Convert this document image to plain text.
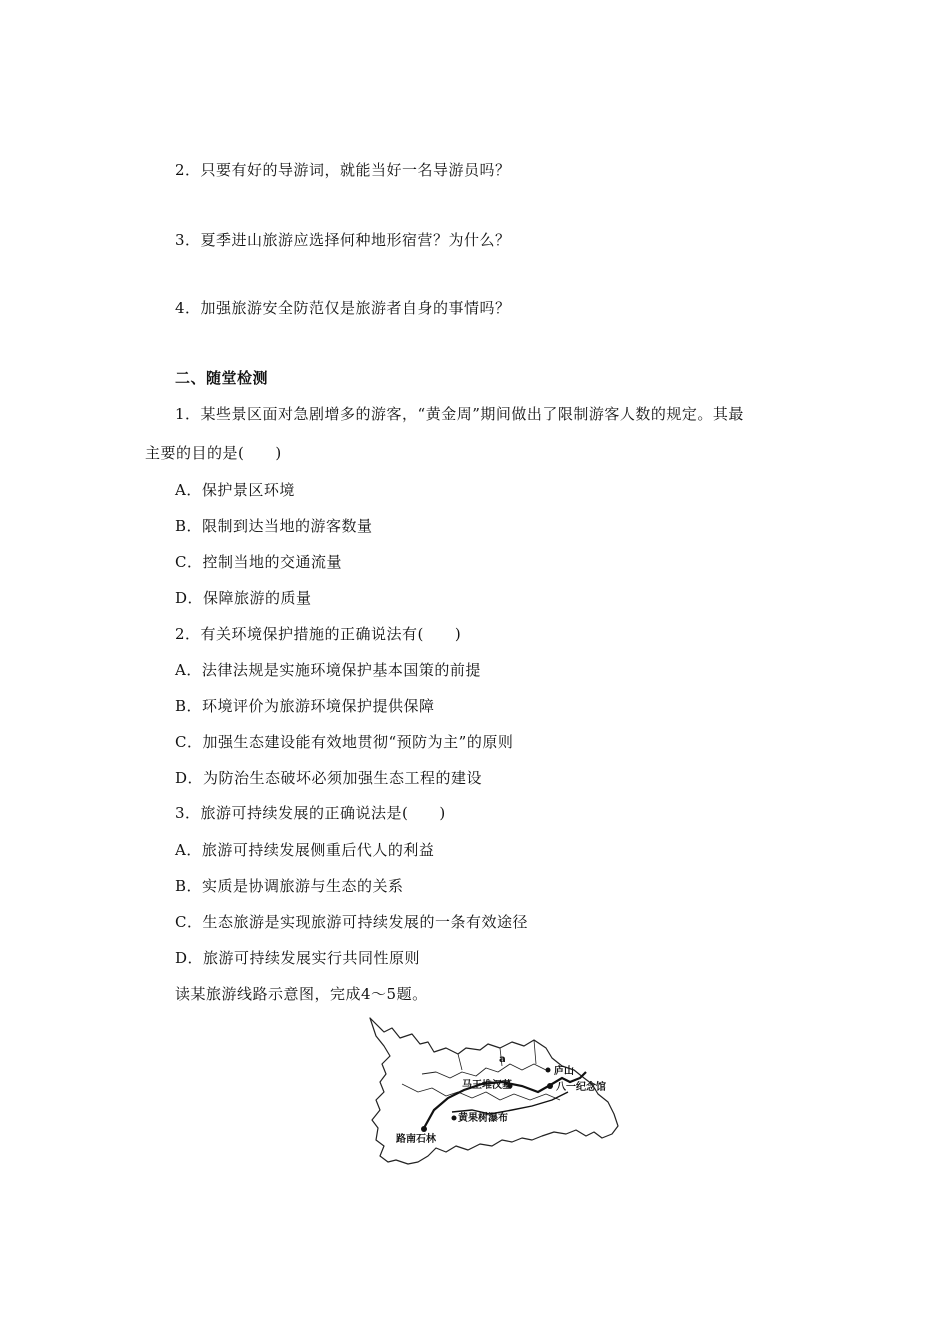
2．只要有好的导游词，就能当好一名导游员吗？
3．夏季进山旅游应选择何种地形宿营？为什么？
4．加强旅游安全防范仅是旅游者自身的事情吗？
二、随堂检测
1．某些景区面对急剧增多的游客，“黄金周”期间做出了限制游客人数的规定。其最
主要的目的是(　　)
A．保护景区环境
B．限制到达当地的游客数量
C．控制当地的交通流量
D．保障旅游的质量
2．有关环境保护措施的正确说法有(　　)
A．法律法规是实施环境保护基本国策的前提
B．环境评价为旅游环境保护提供保障
C．加强生态建设能有效地贯彻“预防为主”的原则
D．为防治生态破坏必须加强生态工程的建设
3．旅游可持续发展的正确说法是(　　)
A．旅游可持续发展侧重后代人的利益
B．实质是协调旅游与生态的关系
C．生态旅游是实现旅游可持续发展的一条有效途径
D．旅游可持续发展实行共同性原则
读某旅游线路示意图，完成4～5题。
a
庐山
马王堆汉墓	八一纪念馆
黄果树瀑布
路南石林
